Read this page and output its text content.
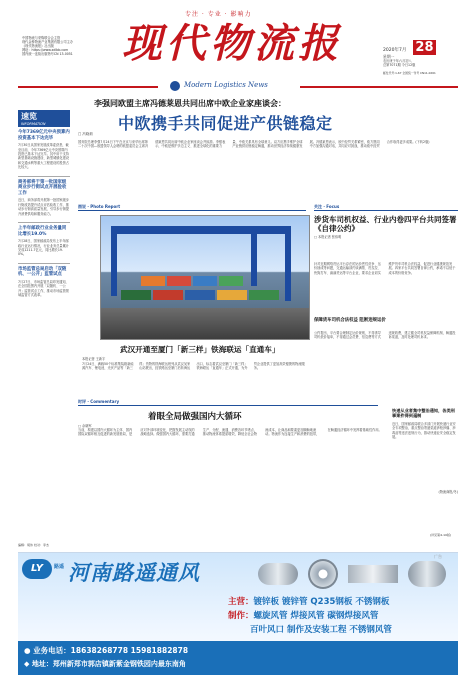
专注 · 专业 · 影响力
中国物流与采购联合会主管
现代金桥物流产业集团有限公司主办
《现代物流报》社出版
网址：https://www.xdlbb.com
国内统一连续出版物号CN 13-0051	现代物流报	2020年7月 28
星期一
农历庚子年六月初八
总第7071期 今日12版
邮发代号:1-67 全国统一刊号 CN11-0261
Modern Logistics News
速览
INFORMATION
今年7369亿元中央预算内投资基本下达完毕
7月30日从国家发展改革委获悉，截至目前，今年7369亿元中央预算内投资已基本下达完毕。其中用于支持新型基础设施建设、新型城镇化建设和交通水利等重大工程建设的投资占比较大。
商务部将于第一批国家级商业步行街试点开展验收工作
近日，商务部将开展第一批国家级步行街改造提升试点评估验收工作，推动步行街高质量发展，引导步行街提升消费供给和服务能力。
上半年邮政行业业务量同比增长19.0%
7月28日，国家邮政局发布上半年邮政行业运行情况，行业业务总量累计完成1211.7亿元，同比增长19.0%。
市场监管总局启动「双随机、一公开」监管试点
7月27日，市场监管总局印发通知，在全国范围内开展「双随机、一公开」监管试点工作，推动市场监管领域监管方式改革。
编辑：胡伟 校对：李杰
李强同欧盟主席冯德莱恩共同出席中欧企业家座谈会：
中欧携手共同促进产供链稳定
□ 冯晓莉
国务院总理李强7月24日下午在北京与来华出席第二十次中国—欧盟领导人会晤的欧盟委员会主席冯德莱恩共同出席中欧企业家座谈会并致辞。李强表示，中欧是维护多边主义、推进全球化的重要力量，中欧关系具有全球意义。双方应携手维护全球产业链供应链稳定畅通，推动世界经济持续健康发展。冯德莱恩表示，欧中经贸关系紧密，欧方愿同中方加强沟通对话，共同应对挑战，推动欧中经贸合作取得更多成果。(下转2版)
图说 · Photo Report
武汉开通至厦门「新三样」铁海联运「直通车」
本报记者 王新宇
7月24日，满载50个标准集装箱新能源汽车、锂电池、光伏产品等「新三样」货物的铁海联运班列从武汉吴家山站驶出，经铁路运至厦门后转海运出口，标志着武汉至厦门「新三样」铁海联运「直通车」正式开通，为外贸企业提供了更加高效便捷的物流服务。
关注 · Focus
涉货车司机权益、行业内卷四平台共同签署《自律公约》
□ 本报记者 张伟明
针对近期网络货运平台存在的运价恶性竞争、压价抽成等问题，交通运输部约谈满帮、货拉拉、快狗打车、滴滴货运等平台企业，要求企业切实维护货车司机合法权益，促进行业健康规范发展。四家平台共同签署自律公约，承诺不以低于成本的价格竞争。
保障货车司机合法权益 阻断违规运价
公约提出，平台要合理制定运价规则，不得诱导司机低价接单，不得通过会员费、信息费等方式违规收费，建立健全司机权益保障机制，畅通投诉渠道，及时处理司机诉求。
时评 · Commentary
着眼全局做强国内大循环
□ 余晓军
当前，构建以国内大循环为主体、国内国际双循环相互促进的新发展格局，是应对外部环境变化、把握发展主动权的战略选择。做强国内大循环，需要打通生产、分配、流通、消费各环节堵点，推动物流体系提质增效，降低全社会物流成本，让商品和要素更加顺畅地流动。物流作为连接生产和消费的纽带，在畅通经济循环中发挥着基础性作用。
快递从业者集中整治通知，各类刑事案件得到遏制
近日，国家邮政局联合多部门开展快递行业安全专项整治，重点整治寄递渠道涉枪涉爆、涉毒品等违法违规行为，推动快递业安全稳定发展。
(物流商报/冬)
(详见第4-10版)
LY	路遥 河南路遥通风
广告
主营：镀锌板 镀锌管 Q235钢板 不锈钢板
制作：螺旋风管 焊接风管 碳钢焊接风管
百叶风口 制作及安装工程 不锈钢风管
● 业务电话：18638268778 15981882878
◆ 地址：郑州新郑市郭店镇新紫金钢铁园内最东南角
